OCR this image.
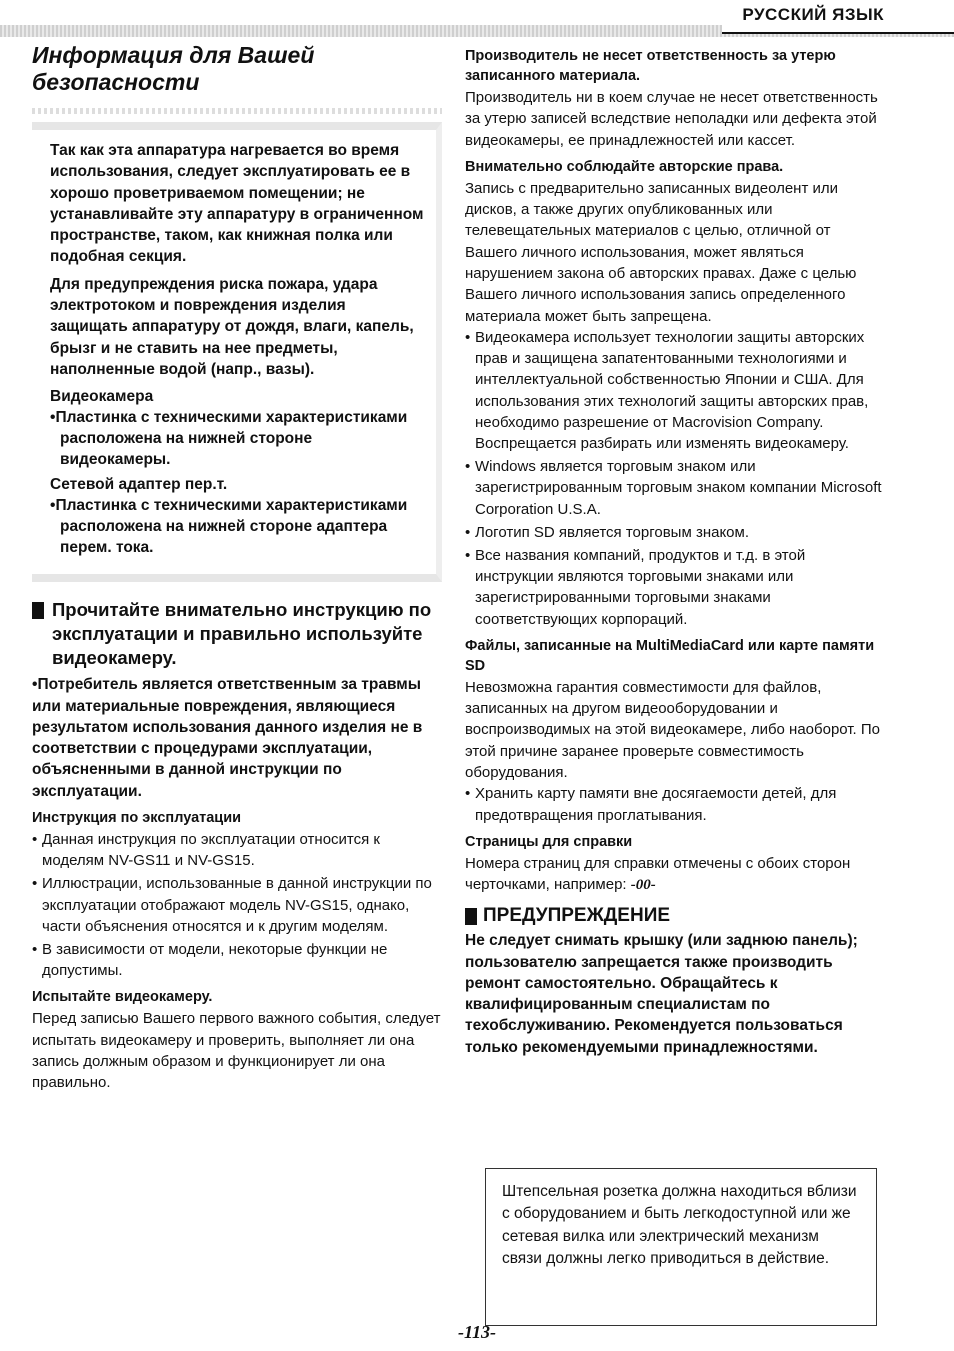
РУССКИЙ ЯЗЫК
Информация для Вашей
безопасности

Так как эта аппаратура нагревается во время использования, следует эксплуатировать ее в хорошо проветриваемом помещении; не устанавливайте эту аппаратуру в ограниченном пространстве, таком, как книжная полка или подобная секция.

Для предупреждения риска пожара, удара электротоком и повреждения изделия защищать аппаратуру от дождя, влаги, капель, брызг и не ставить на нее предметы, наполненные водой (напр., вазы).

Видеокамера
•Пластинка с техническими характеристиками расположена на нижней стороне видеокамеры.
Сетевой адаптер пер.т.
•Пластинка с техническими характеристиками расположена на нижней стороне адаптера перем. тока.
Прочитайте внимательно инструкцию по эксплуатации и правильно используйте видеокамеру.
•Потребитель является ответственным за травмы или материальные повреждения, являющиеся результатом использования данного изделия не в соответствии с процедурами эксплуатации, объясненными в данной инструкции по эксплуатации.
Инструкция по эксплуатации
• Данная инструкция по эксплуатации относится к моделям NV-GS11 и NV-GS15.
• Иллюстрации, использованные в данной инструкции по эксплуатации отображают модель NV-GS15, однако, части объяснения относятся и к другим моделям.
• В зависимости от модели, некоторые функции не допустимы.
Испытайте видеокамеру.

Перед записью Вашего первого важного события, следует испытать видеокамеру и проверить, выполняет ли она запись должным образом и функционирует ли она правильно.

Производитель не несет ответственность за утерю записанного материала.

Производитель ни в коем случае не несет ответственность за утерю записей вследствие неполадки или дефекта этой видеокамеры, ее принадлежностей или кассет.

Внимательно соблюдайте авторские права.

Запись с предварительно записанных видеолент или дисков, а также других опубликованных или телевещательных материалов с целью, отличной от Вашего личного использования, может являться нарушением закона об авторских правах. Даже с целью Вашего личного использования запись определенного материала может быть запрещена.

• Видеокамера использует технологии защиты авторских прав и защищена запатентованными технологиями и интеллектуальной собственностью Японии и США. Для использования этих технологий защиты авторских прав, необходимо разрешение от Macrovision Company. Воспрещается разбирать или изменять видеокамеру.
• Windows является торговым знаком или зарегистрированным торговым знаком компании Microsoft Corporation U.S.A.
• Логотип SD является торговым знаком.
• Все названия компаний, продуктов и т.д. в этой инструкции являются торговыми знаками или зарегистрированными торговыми знаками соответствующих корпораций.
Файлы, записанные на MultiMediaCard или карте памяти SD

Невозможна гарантия совместимости для файлов, записанных на другом видеооборудовании и воспроизводимых на этой видеокамере, либо наоборот. По этой причине заранее проверьте совместимость оборудования.

• Хранить карту памяти вне досягаемости детей, для предотвращения проглатывания.
Страницы для справки

Номера страниц для справки отмечены с обоих сторон черточками, например: -00-

ПРЕДУПРЕЖДЕНИЕ

Не следует снимать крышку (или заднюю панель); пользователю запрещается также производить ремонт самостоятельно. Обращайтесь к квалифицированным специалистам по техобслуживанию. Рекомендуется пользоваться только рекомендуемыми принадлежностями.

Штепсельная розетка должна находиться вблизи с оборудованием и быть легкодоступной или же сетевая вилка или электрический механизм связи должны легко приводиться в действие.
-113-
